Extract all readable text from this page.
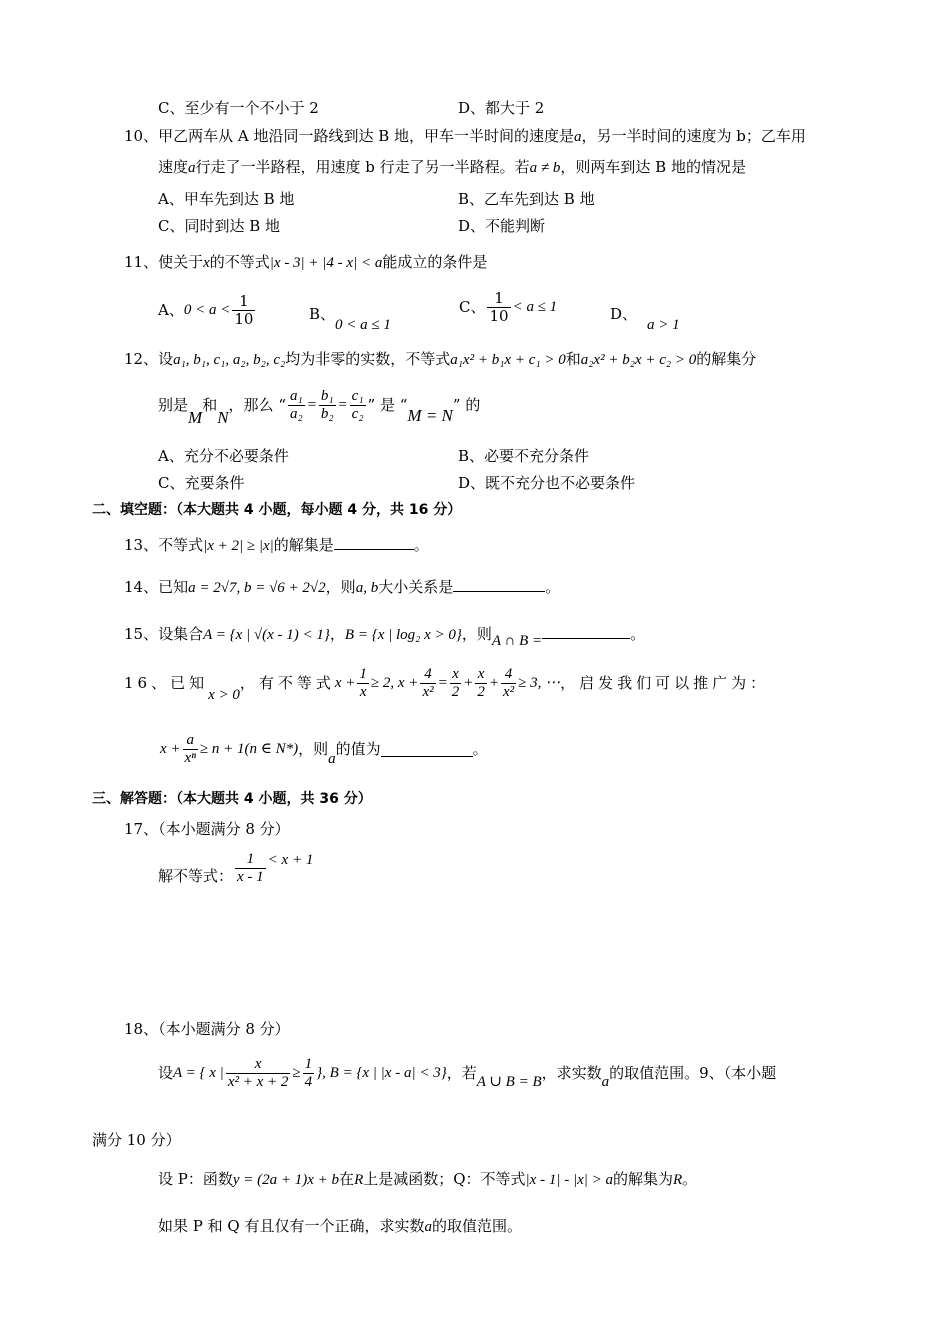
C、至少有一个不小于 2	D、都大于 2
10、甲乙两车从 A 地沿同一路线到达 B 地，甲车一半时间的速度是a，另一半时间的速度为 b；乙车用
速度a行走了一半路程，用速度 b 行走了另一半路程。若a ≠ b，则两车到达 B 地的情况是
A、甲车先到达 B 地	B、乙车先到达 B 地
C、同时到达 B 地	D、不能判断
11、使关于x的不等式|x - 3| + |4 - x| < a能成立的条件是
A、$0 < a < \frac{1}{10}$	B、0 < a ≤ 1
C、 $\frac{1}{10} < a \le 1$	D、a > 1
12、设a₁, b₁, c₁, a₂, b₂, c₂均为非零的实数，不等式a₁x² + b₁x + c₁ > 0和a₂x² + b₂x + c₂ > 0的解集分
别是M和N，那么 “ $\frac{\text{a₁}}{\text{a₂}} = \frac{\text{b₁}}{\text{b₂}} = \frac{\text{c₁}}{\text{c₂}}$ ” 是 “M = N” 的
A、充分不必要条件	B、必要不充分条件
C、充要条件	D、既不充分也不必要条件
二、填空题：（本大题共 4 小题，每小题 4 分，共 16 分）
13、不等式|x + 2| ≥ |x|的解集是	。
14、已知a = 2√7, b = √6 + 2√2，则a, b大小关系是	。
15、设集合A = {x | √(x - 1) < 1}，B = {x | log₂ x > 0}，则A ∩ B =	。
16、已知x > 0，有不等式$x + \frac{1}{x} \ge 2$, $x + \frac{4}{\text{x²}} = \frac{x}{2} + \frac{x}{2} + \frac{4}{\text{x²}} \ge 3$, ⋯，启发我们可以推广为：
$x + \frac{a}{\text{xⁿ}} \ge n + 1(n$ ∈ N*)，则a的值为	。
三、解答题：（本大题共 4 小题，共 36 分）
17、（本小题满分 8 分）
解不等式： $\frac{1}{x - 1} < x + 1$
18、（本小题满分 8 分）
设A = { x | $\frac{x}{\text{x² + x + 2}} \ge \frac{1}{4}$ }, B = {x | |x - a| < 3}，若A ∪ B = B，求实数a的取值范围。9、（本小题
满分 10 分）
设 P：函数y = (2a + 1)x + b在R上是减函数；Q：不等式|x - 1| - |x| > a的解集为R。
如果 P 和 Q 有且仅有一个正确，求实数a的取值范围。
